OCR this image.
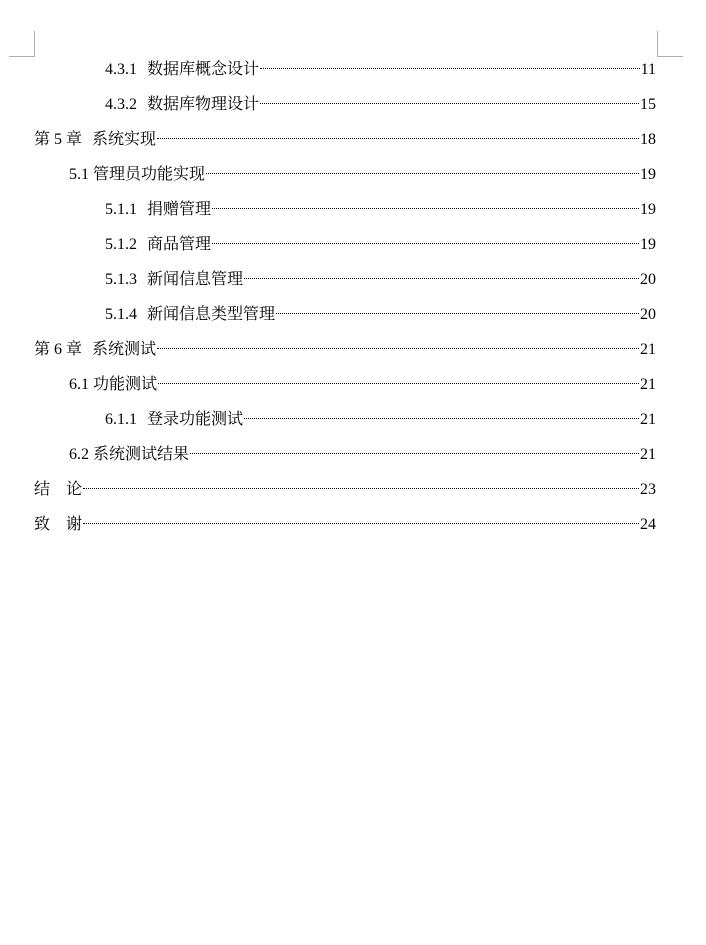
4.3.1 数据库概念设计	11
4.3.2 数据库物理设计	15
第 5 章 系统实现	18
5.1 管理员功能实现	19
5.1.1 捐赠管理	19
5.1.2 商品管理	19
5.1.3 新闻信息管理	20
5.1.4 新闻信息类型管理	20
第 6 章 系统测试	21
6.1 功能测试	21
6.1.1 登录功能测试	21
6.2 系统测试结果	21
结　论	23
致　谢	24
